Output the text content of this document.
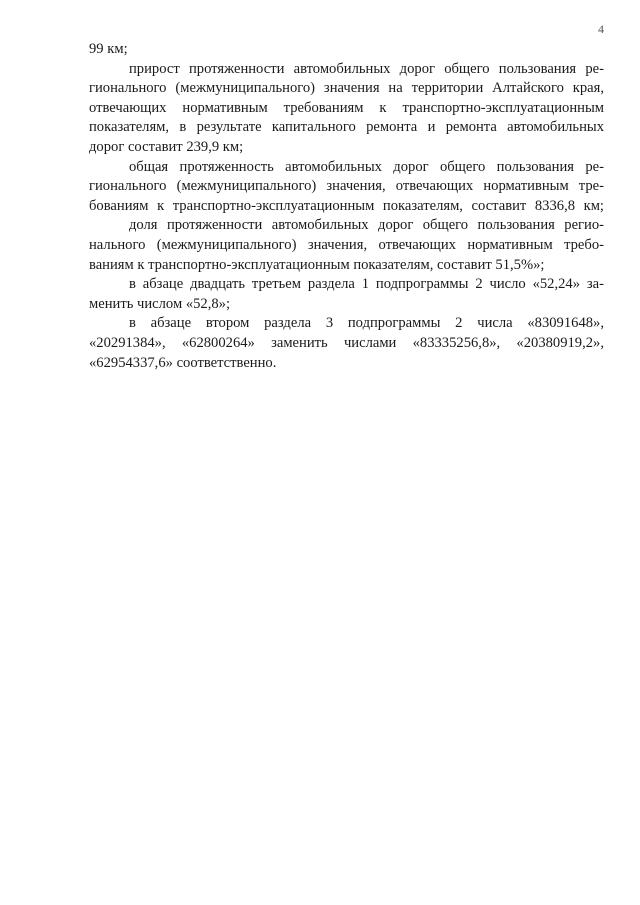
4
99 км;
прирост протяженности автомобильных дорог общего пользования ре-
гионального (межмуниципального) значения на территории Алтайского края,
отвечающих нормативным требованиям к транспортно-эксплуатационным
показателям, в результате капитального ремонта и ремонта автомобильных
дорог составит 239,9 км;
общая протяженность автомобильных дорог общего пользования ре-
гионального (межмуниципального) значения, отвечающих нормативным тре-
бованиям к транспортно-эксплуатационным показателям, составит 8336,8 км;
доля протяженности автомобильных дорог общего пользования регио-
нального (межмуниципального) значения, отвечающих нормативным требо-
ваниям к транспортно-эксплуатационным показателям, составит 51,5%»;
в абзаце двадцать третьем раздела 1 подпрограммы 2 число «52,24» за-
менить числом «52,8»;
в абзаце втором раздела 3 подпрограммы 2 числа «83091648»,
«20291384», «62800264» заменить числами «83335256,8», «20380919,2»,
«62954337,6» соответственно.
